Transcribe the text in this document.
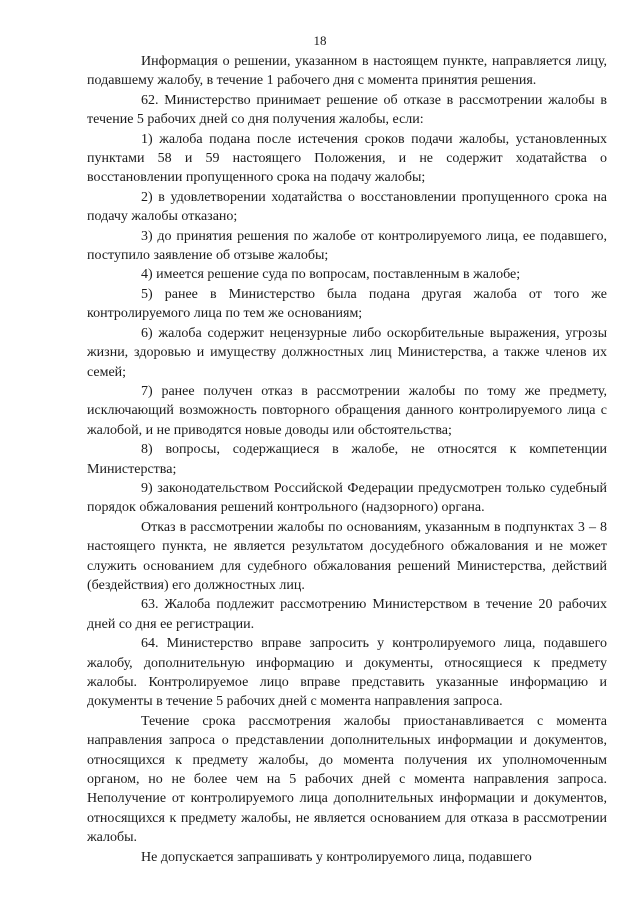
18

Информация о решении, указанном в настоящем пункте, направляется лицу, подавшему жалобу, в течение 1 рабочего дня с момента принятия решения.

62. Министерство принимает решение об отказе в рассмотрении жалобы в течение 5 рабочих дней со дня получения жалобы, если:

1) жалоба подана после истечения сроков подачи жалобы, установленных пунктами 58 и 59 настоящего Положения, и не содержит ходатайства о восстановлении пропущенного срока на подачу жалобы;

2) в удовлетворении ходатайства о восстановлении пропущенного срока на подачу жалобы отказано;

3) до принятия решения по жалобе от контролируемого лица, ее подавшего, поступило заявление об отзыве жалобы;

4) имеется решение суда по вопросам, поставленным в жалобе;

5) ранее в Министерство была подана другая жалоба от того же контролируемого лица по тем же основаниям;

6) жалоба содержит нецензурные либо оскорбительные выражения, угрозы жизни, здоровью и имуществу должностных лиц Министерства, а также членов их семей;

7) ранее получен отказ в рассмотрении жалобы по тому же предмету, исключающий возможность повторного обращения данного контролируемого лица с жалобой, и не приводятся новые доводы или обстоятельства;

8) вопросы, содержащиеся в жалобе, не относятся к компетенции Министерства;

9) законодательством Российской Федерации предусмотрен только судебный порядок обжалования решений контрольного (надзорного) органа.

Отказ в рассмотрении жалобы по основаниям, указанным в подпунктах 3 – 8 настоящего пункта, не является результатом досудебного обжалования и не может служить основанием для судебного обжалования решений Министерства, действий (бездействия) его должностных лиц.

63. Жалоба подлежит рассмотрению Министерством в течение 20 рабочих дней со дня ее регистрации.

64. Министерство вправе запросить у контролируемого лица, подавшего жалобу, дополнительную информацию и документы, относящиеся к предмету жалобы. Контролируемое лицо вправе представить указанные информацию и документы в течение 5 рабочих дней с момента направления запроса.

Течение срока рассмотрения жалобы приостанавливается с момента направления запроса о представлении дополнительных информации и документов, относящихся к предмету жалобы, до момента получения их уполномоченным органом, но не более чем на 5 рабочих дней с момента направления запроса. Неполучение от контролируемого лица дополнительных информации и документов, относящихся к предмету жалобы, не является основанием для отказа в рассмотрении жалобы.

Не допускается запрашивать у контролируемого лица, подавшего
